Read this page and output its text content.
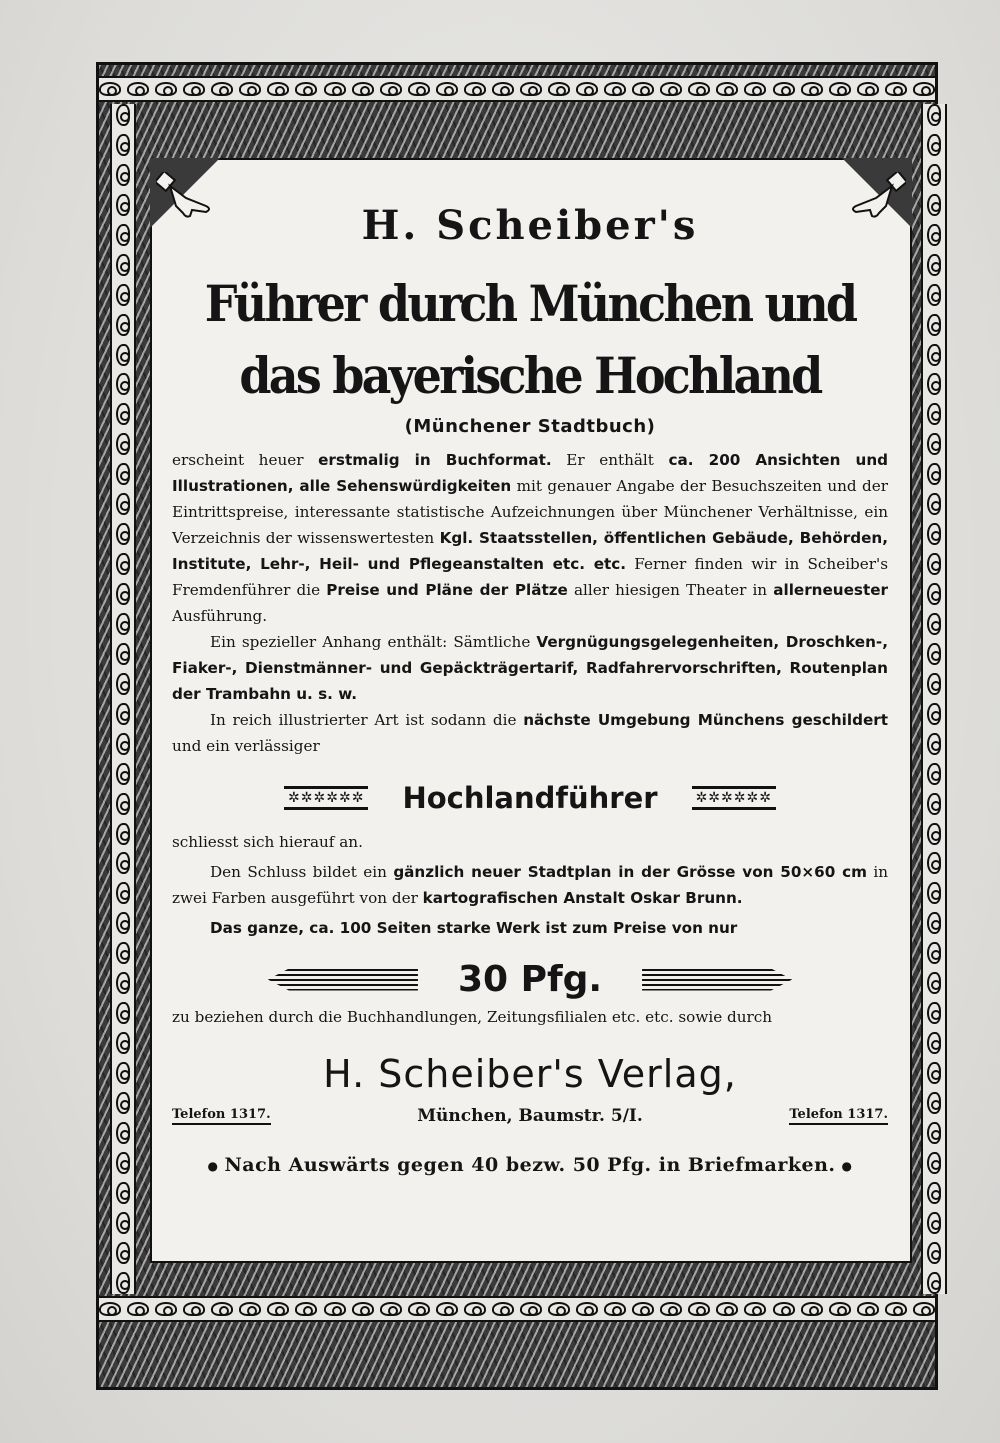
H. Scheiber's
Führer durch München und das bayerische Hochland
(Münchener Stadtbuch)

erscheint heuer erstmalig in Buchformat. Er enthält ca. 200 Ansichten und Illustrationen, alle Sehenswürdigkeiten mit genauer Angabe der Besuchszeiten und der Eintrittspreise, interessante statistische Aufzeichnungen über Münchener Verhältnisse, ein Verzeichnis der wissenswertesten Kgl. Staatsstellen, öffentlichen Gebäude, Behörden, Institute, Lehr-, Heil- und Pflegeanstalten etc. etc. Ferner finden wir in Scheiber's Fremdenführer die Preise und Pläne der Plätze aller hiesigen Theater in allerneuester Ausführung.

Ein spezieller Anhang enthält: Sämtliche Vergnügungsgelegenheiten, Droschken-, Fiaker-, Dienstmänner- und Gepäckträgertarif, Radfahrervorschriften, Routenplan der Trambahn u. s. w.

In reich illustrierter Art ist sodann die nächste Umgebung Münchens geschildert und ein verlässiger

✲✲✲✲✲✲ Hochlandführer	✲✲✲✲✲✲

schliesst sich hierauf an.

Den Schluss bildet ein gänzlich neuer Stadtplan in der Grösse von 50×60 cm in zwei Farben ausgeführt von der kartografischen Anstalt Oskar Brunn.

Das ganze, ca. 100 Seiten starke Werk ist zum Preise von nur

30 Pfg.

zu beziehen durch die Buchhandlungen, Zeitungsfilialen etc. etc. sowie durch

H. Scheiber's Verlag,
Telefon 1317.	München, Baumstr. 5/I.	Telefon 1317.
● Nach Auswärts gegen 40 bezw. 50 Pfg. in Briefmarken. ●
